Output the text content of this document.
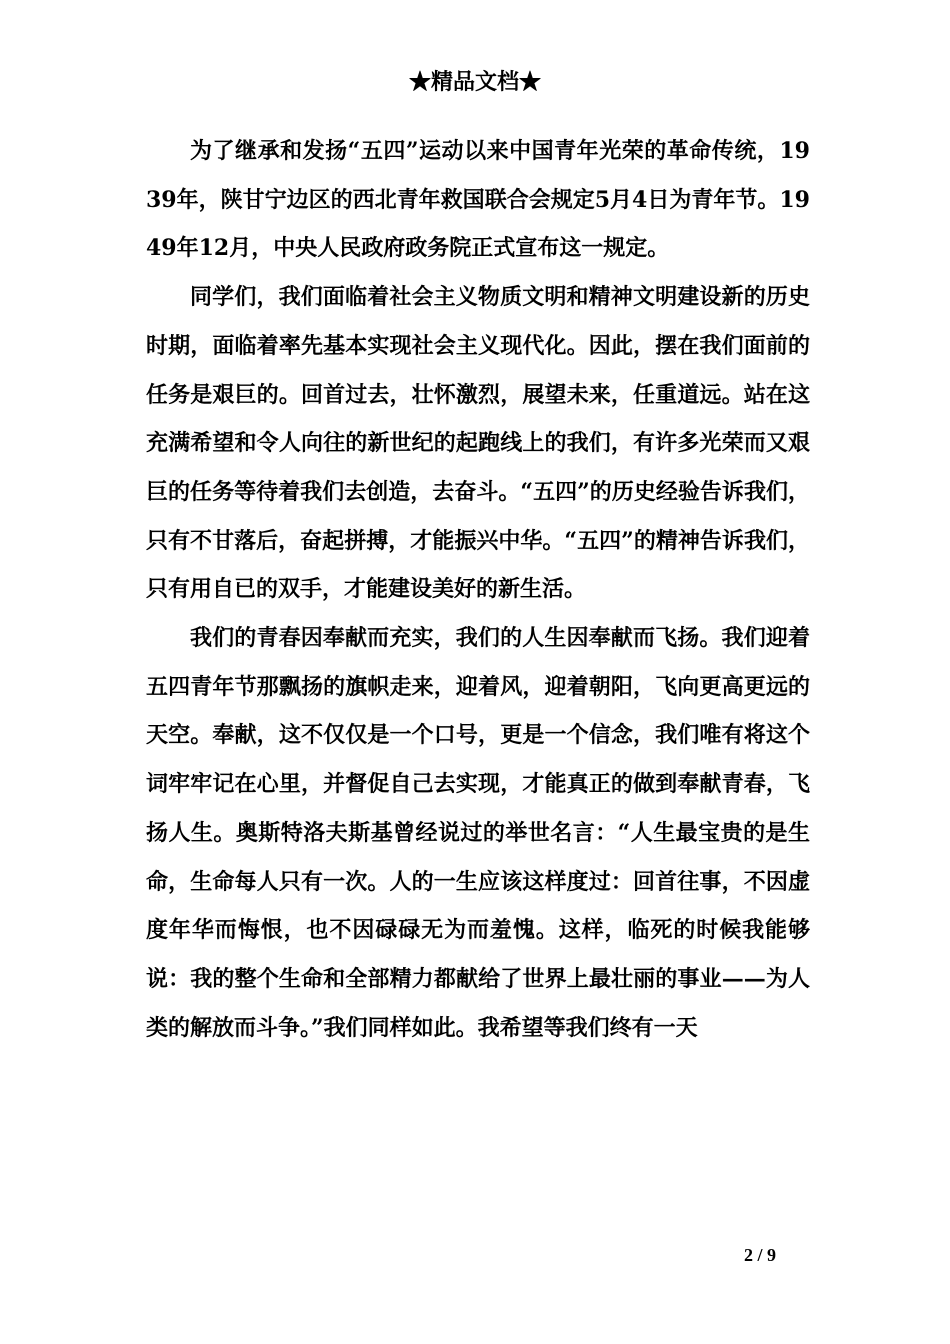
★精品文档★

为了继承和发扬“五四”运动以来中国青年光荣的革命传统，1939年，陕甘宁边区的西北青年救国联合会规定5月4日为青年节。1949年12月，中央人民政府政务院正式宣布这一规定。

同学们，我们面临着社会主义物质文明和精神文明建设新的历史时期，面临着率先基本实现社会主义现代化。因此，摆在我们面前的任务是艰巨的。回首过去，壮怀激烈，展望未来，任重道远。站在这充满希望和令人向往的新世纪的起跑线上的我们，有许多光荣而又艰巨的任务等待着我们去创造，去奋斗。“五四”的历史经验告诉我们，只有不甘落后，奋起拼搏，才能振兴中华。“五四”的精神告诉我们，只有用自已的双手，才能建设美好的新生活。

我们的青春因奉献而充实，我们的人生因奉献而飞扬。我们迎着五四青年节那飘扬的旗帜走来，迎着风，迎着朝阳，飞向更高更远的天空。奉献，这不仅仅是一个口号，更是一个信念，我们唯有将这个词牢牢记在心里，并督促自己去实现，才能真正的做到奉献青春，飞扬人生。奥斯特洛夫斯基曾经说过的举世名言：“人生最宝贵的是生命，生命每人只有一次。人的一生应该这样度过：回首往事，不因虚度年华而悔恨，也不因碌碌无为而羞愧。这样，临死的时候我能够说：我的整个生命和全部精力都献给了世界上最壮丽的事业——为人类的解放而斗争。”我们同样如此。我希望等我们终有一天

2 / 9
